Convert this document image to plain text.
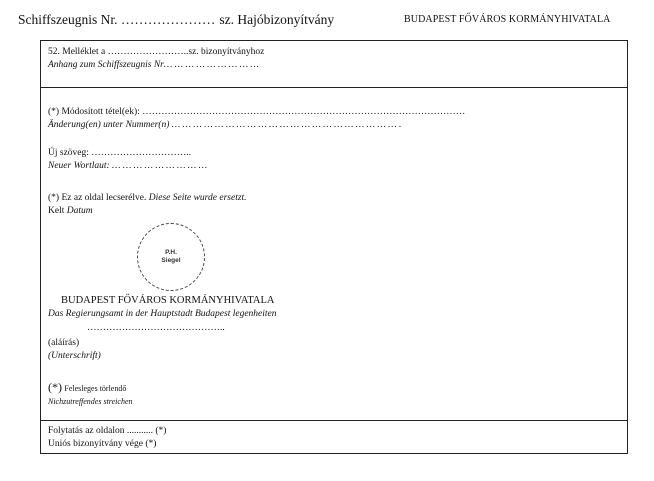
Schiffszeugnis Nr. ………………… sz. Hajóbizonyítvány	BUDAPEST FŐVÁROS KORMÁNYHIVATALA
52. Melléklet a ……………………..sz. bizonyítványhoz
Anhang zum Schiffszeugnis Nr… … … … … … … … …
(*) Módosított tétel(ek): …………………………………………………………………………………………
Änderung(en) unter Nummer(n) … … … … … … … … … … … … … … … … … … … … … .
Új szöveg: …………………………..
Neuer Wortlaut: … … … … … … … … …
(*) Ez az oldal lecserélve. Diese Seite wurde ersetzt.
Kelt Datum
P.H.
Siegel
BUDAPEST FŐVÁROS KORMÁNYHIVATALA
Das Regierungsamt in der Hauptstadt Budapest legenheiten
……………………………………..
(aláírás)
(Unterschrift)
(*) Felesleges törlendő
Nichzutreffendes streichen
Folytatás az oldalon ........... (*)
Uniós bizonyítvány vége (*)
